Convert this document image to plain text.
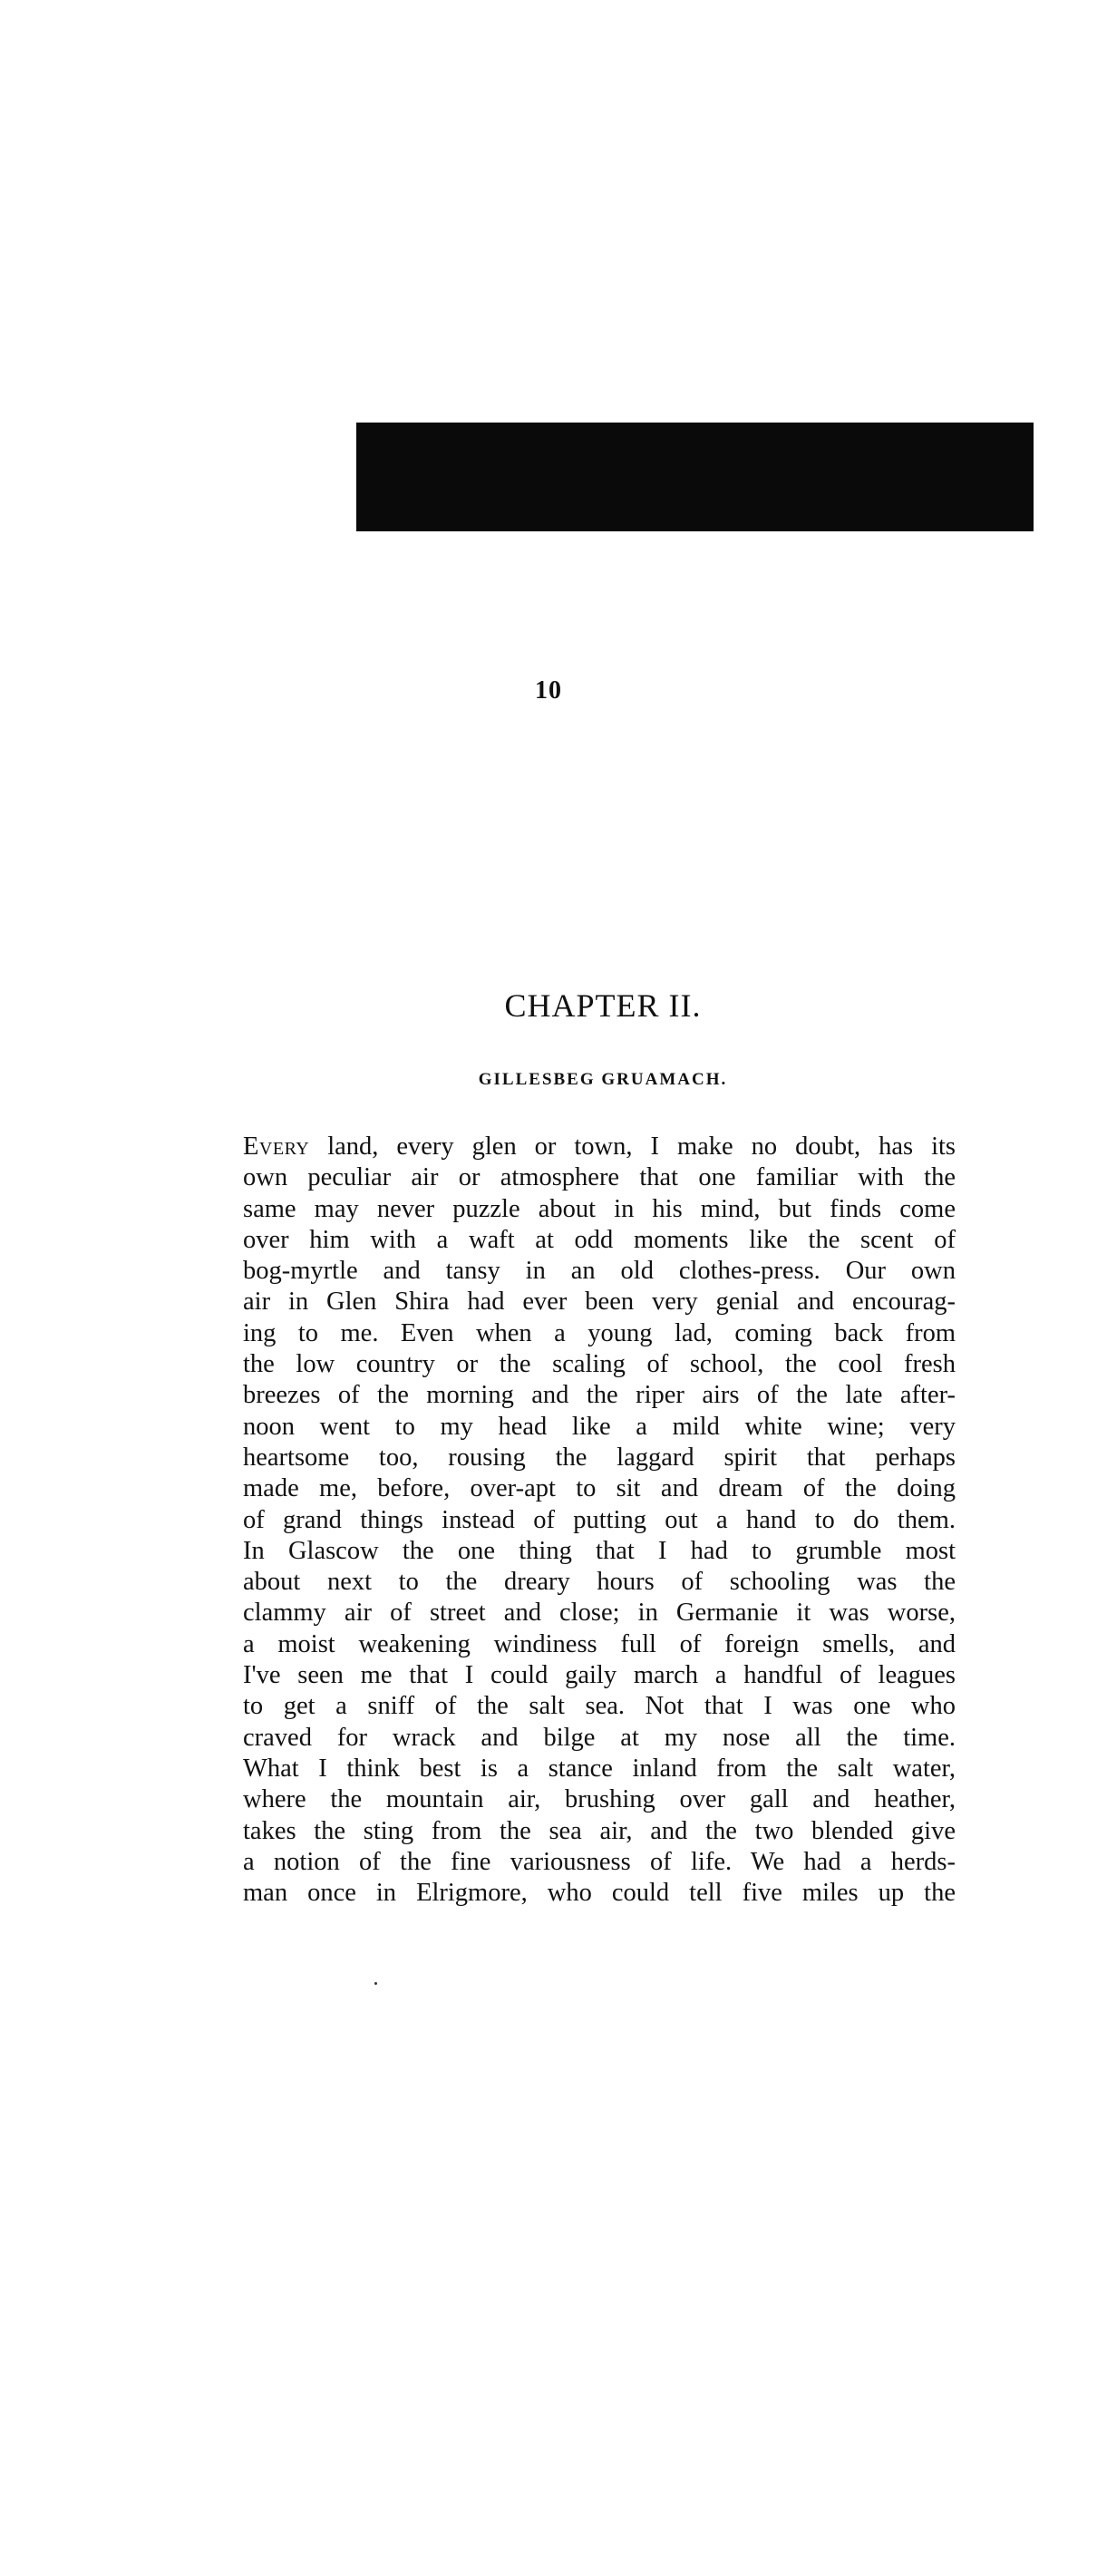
10
CHAPTER II.
GILLESBEG GRUAMACH.
Every land, every glen or town, I make no doubt, has its
own peculiar air or atmosphere that one familiar with the
same may never puzzle about in his mind, but finds come
over him with a waft at odd moments like the scent of
bog-myrtle and tansy in an old clothes-press. Our own
air in Glen Shira had ever been very genial and encourag-
ing to me. Even when a young lad, coming back from
the low country or the scaling of school, the cool fresh
breezes of the morning and the riper airs of the late after-
noon went to my head like a mild white wine; very
heartsome too, rousing the laggard spirit that perhaps
made me, before, over-apt to sit and dream of the doing
of grand things instead of putting out a hand to do them.
In Glascow the one thing that I had to grumble most
about next to the dreary hours of schooling was the
clammy air of street and close; in Germanie it was worse,
a moist weakening windiness full of foreign smells, and
I've seen me that I could gaily march a handful of leagues
to get a sniff of the salt sea. Not that I was one who
craved for wrack and bilge at my nose all the time.
What I think best is a stance inland from the salt water,
where the mountain air, brushing over gall and heather,
takes the sting from the sea air, and the two blended give
a notion of the fine variousness of life. We had a herds-
man once in Elrigmore, who could tell five miles up the
